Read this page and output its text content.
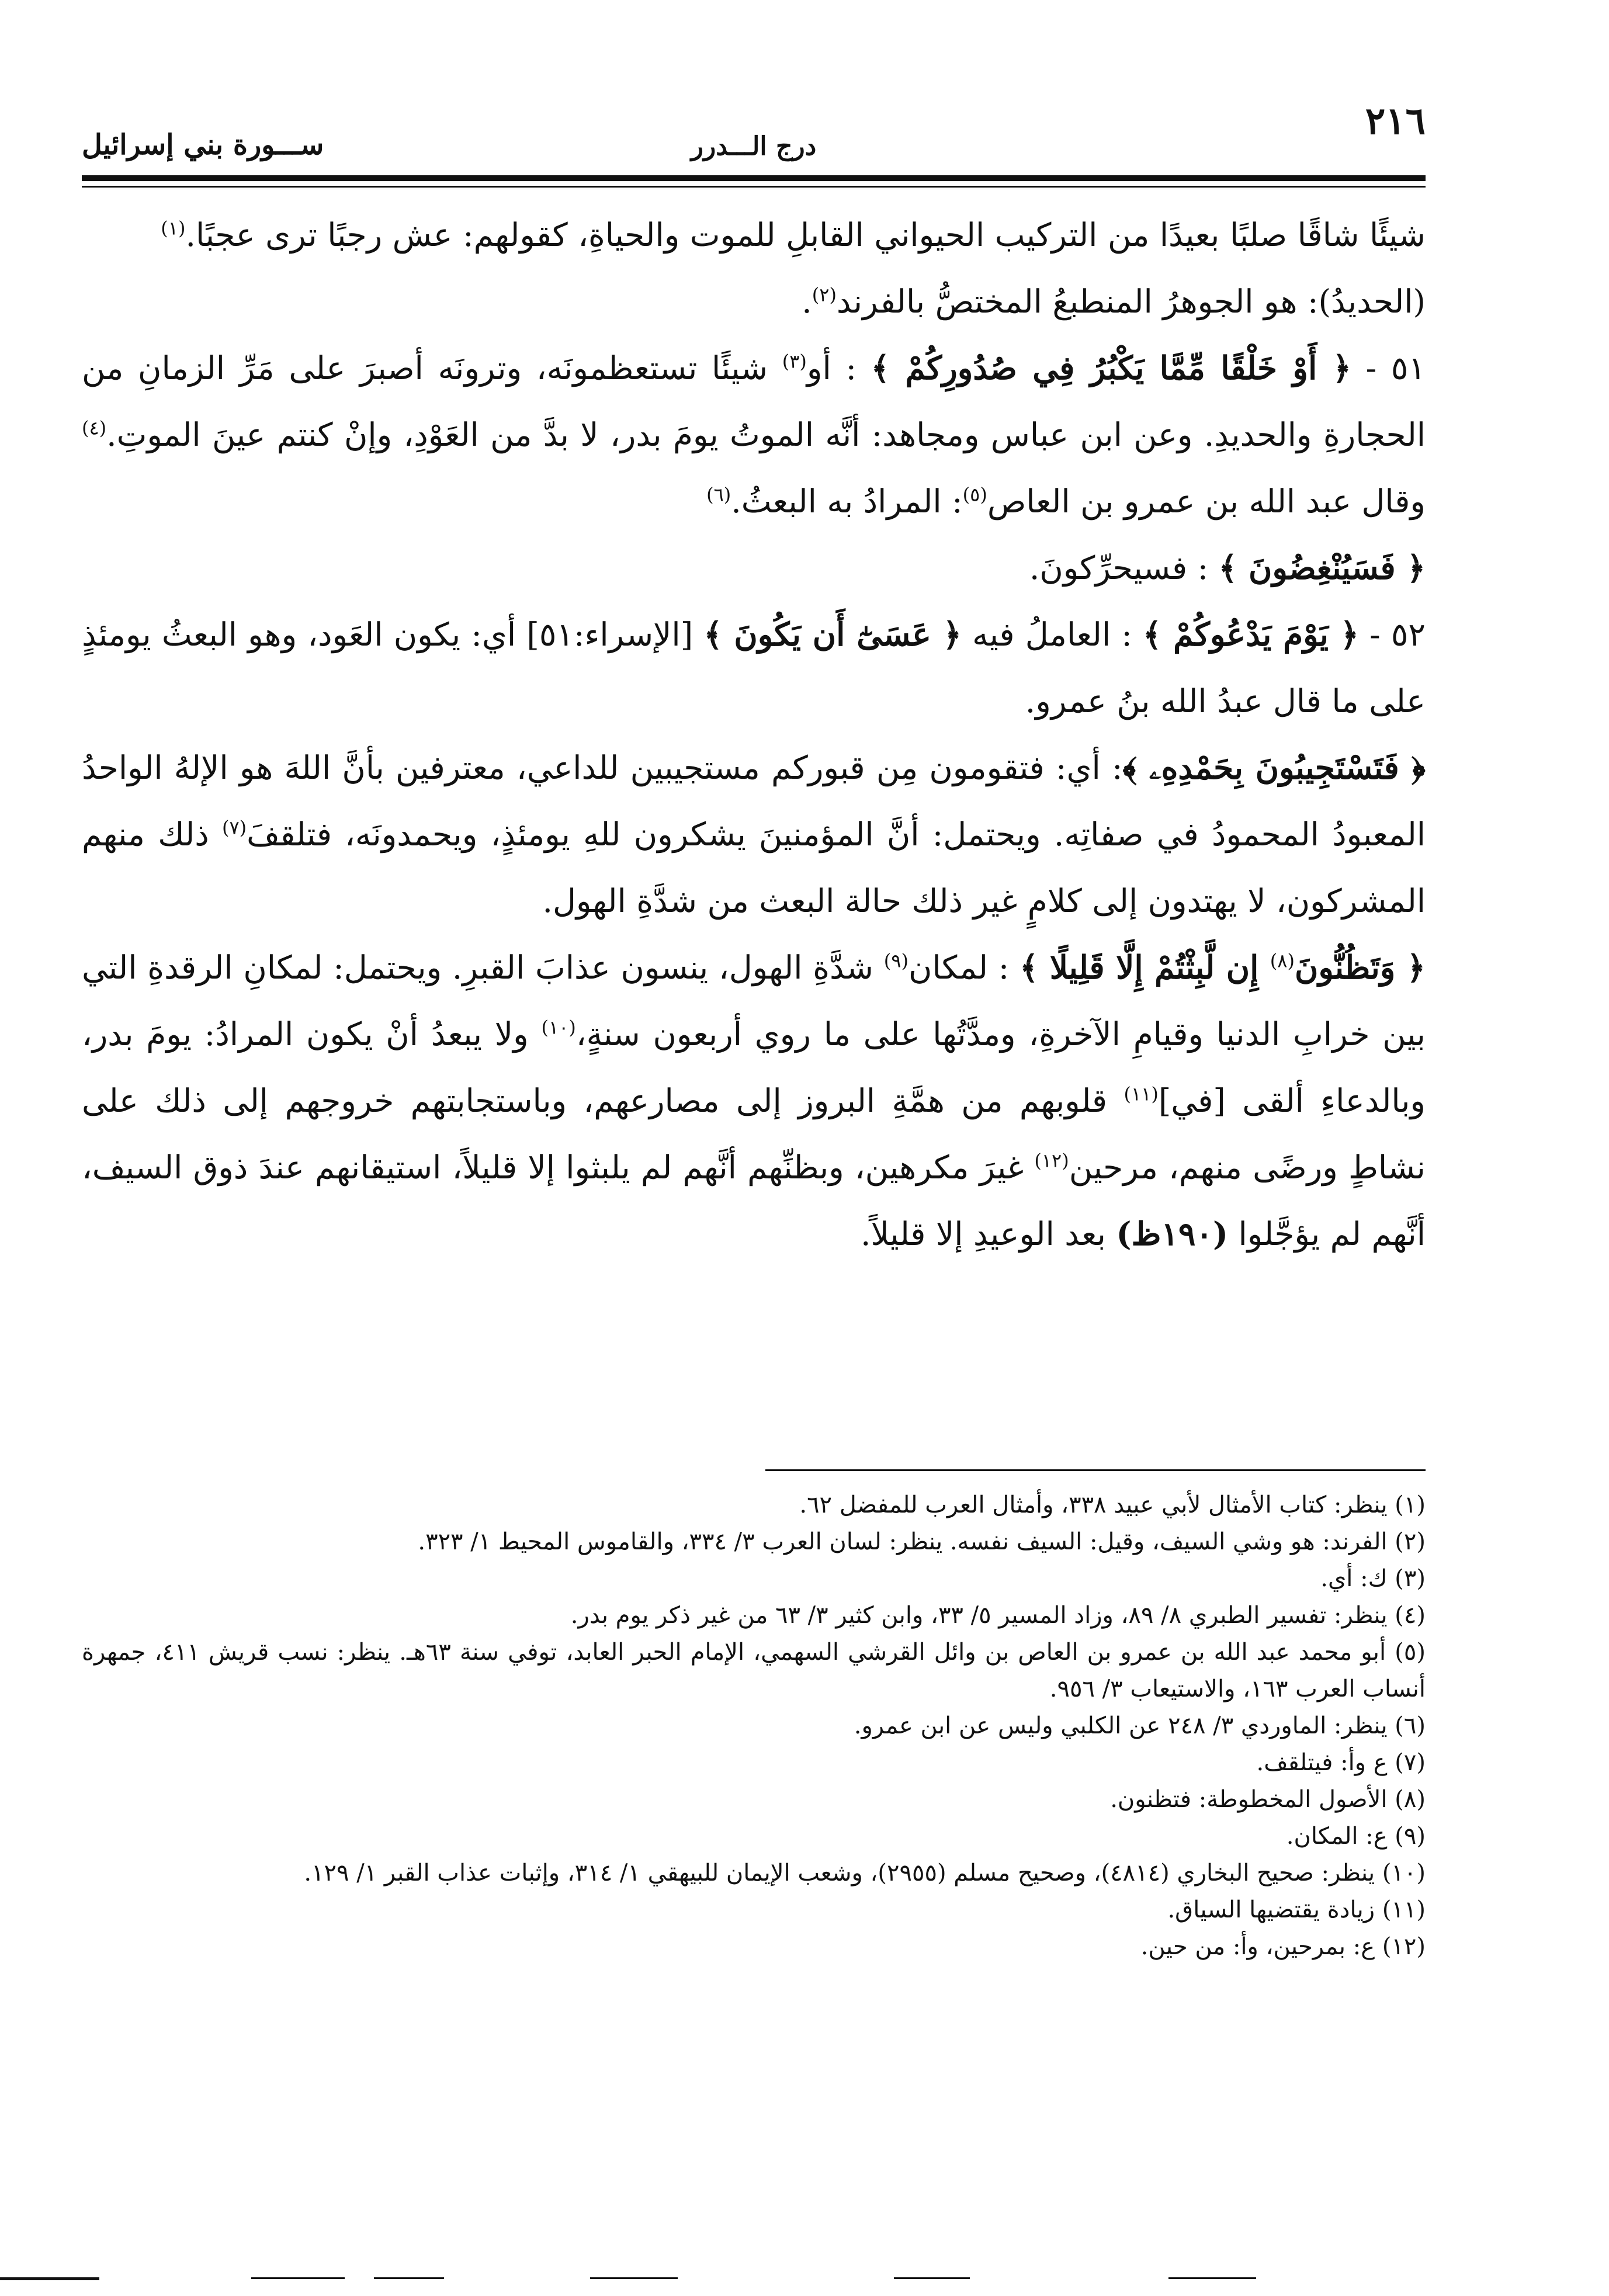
٢١٦
درج الـــدرر
ســـورة بني إسرائيل

شيئًا شاقًا صلبًا بعيدًا من التركيب الحيواني القابلِ للموت والحياةِ، كقولهم: عش رجبًا ترى عجبًا.$^{(١)}$

(الحديدُ): هو الجوهرُ المنطبعُ المختصُّ بالفرند$^{(٢)}$.

٥١ - ﴿ أَوْ خَلْقًا مِّمَّا يَكْبُرُ فِي صُدُورِكُمْ ﴾ : أو$^{(٣)}$ شيئًا تستعظمونَه، وترونَه أصبرَ على مَرِّ الزمانِ من الحجارةِ والحديدِ. وعن ابن عباس ومجاهد: أنَّه الموتُ يومَ بدر، لا بدَّ من العَوْدِ، وإنْ كنتم عينَ الموتِ.$^{(٤)}$ وقال عبد الله بن عمرو بن العاص$^{(٥)}$: المرادُ به البعثُ.$^{(٦)}$

﴿ فَسَيُنْغِضُونَ ﴾ : فسيحرِّكونَ.

٥٢ - ﴿ يَوْمَ يَدْعُوكُمْ ﴾ : العاملُ فيه ﴿ عَسَىٰٓ أَن يَكُونَ ﴾ [الإسراء:٥١] أي: يكون العَود، وهو البعثُ يومئذٍ على ما قال عبدُ الله بنُ عمرو.

﴿ فَتَسْتَجِيبُونَ بِحَمْدِهِۦ ﴾: أي: فتقومون مِن قبوركم مستجيبين للداعي، معترفين بأنَّ اللهَ هو الإلهُ الواحدُ المعبودُ المحمودُ في صفاتِه. ويحتمل: أنَّ المؤمنينَ يشكرون للهِ يومئذٍ، ويحمدونَه، فتلقفَ$^{(٧)}$ ذلك منهم المشركون، لا يهتدون إلى كلامٍ غير ذلك حالة البعث من شدَّةِ الهول.

﴿ وَتَظُنُّونَ$^{(٨)}$ إِن لَّبِثْتُمْ إِلَّا قَلِيلًا ﴾ : لمكان$^{(٩)}$ شدَّةِ الهول، ينسون عذابَ القبرِ. ويحتمل: لمكانِ الرقدةِ التي بين خرابِ الدنيا وقيامِ الآخرةِ، ومدَّتُها على ما روي أربعون سنةٍ،$^{(١٠)}$ ولا يبعدُ أنْ يكون المرادُ: يومَ بدر، وبالدعاءِ ألقى [في]$^{(١١)}$ قلوبهم من همَّةِ البروز إلى مصارعهم، وباستجابتهم خروجهم إلى ذلك على نشاطٍ ورضًى منهم، مرحين$^{(١٢)}$ غيرَ مكرهين، وبظنِّهم أنَّهم لم يلبثوا إلا قليلاً، استيقانهم عندَ ذوق السيف، أنَّهم لم يؤجَّلوا (١٩٠ظ) بعد الوعيدِ إلا قليلاً.

(١) ينظر: كتاب الأمثال لأبي عبيد ٣٣٨، وأمثال العرب للمفضل ٦٢.

(٢) الفرند: هو وشي السيف، وقيل: السيف نفسه. ينظر: لسان العرب ٣/ ٣٣٤، والقاموس المحيط ١/ ٣٢٣.

(٣) ك: أي.

(٤) ينظر: تفسير الطبري ٨/ ٨٩، وزاد المسير ٥/ ٣٣، وابن كثير ٣/ ٦٣ من غير ذكر يوم بدر.

(٥) أبو محمد عبد الله بن عمرو بن العاص بن وائل القرشي السهمي، الإمام الحبر العابد، توفي سنة ٦٣هـ. ينظر: نسب قريش ٤١١، جمهرة أنساب العرب ١٦٣، والاستيعاب ٣/ ٩٥٦.

(٦) ينظر: الماوردي ٣/ ٢٤٨ عن الكلبي وليس عن ابن عمرو.

(٧) ع وأ: فيتلقف.

(٨) الأصول المخطوطة: فتظنون.

(٩) ع: المكان.

(١٠) ينظر: صحيح البخاري (٤٨١٤)، وصحيح مسلم (٢٩٥٥)، وشعب الإيمان للبيهقي ١/ ٣١٤، وإثبات عذاب القبر ١/ ١٢٩.

(١١) زيادة يقتضيها السياق.

(١٢) ع: بمرحين، وأ: من حين.
